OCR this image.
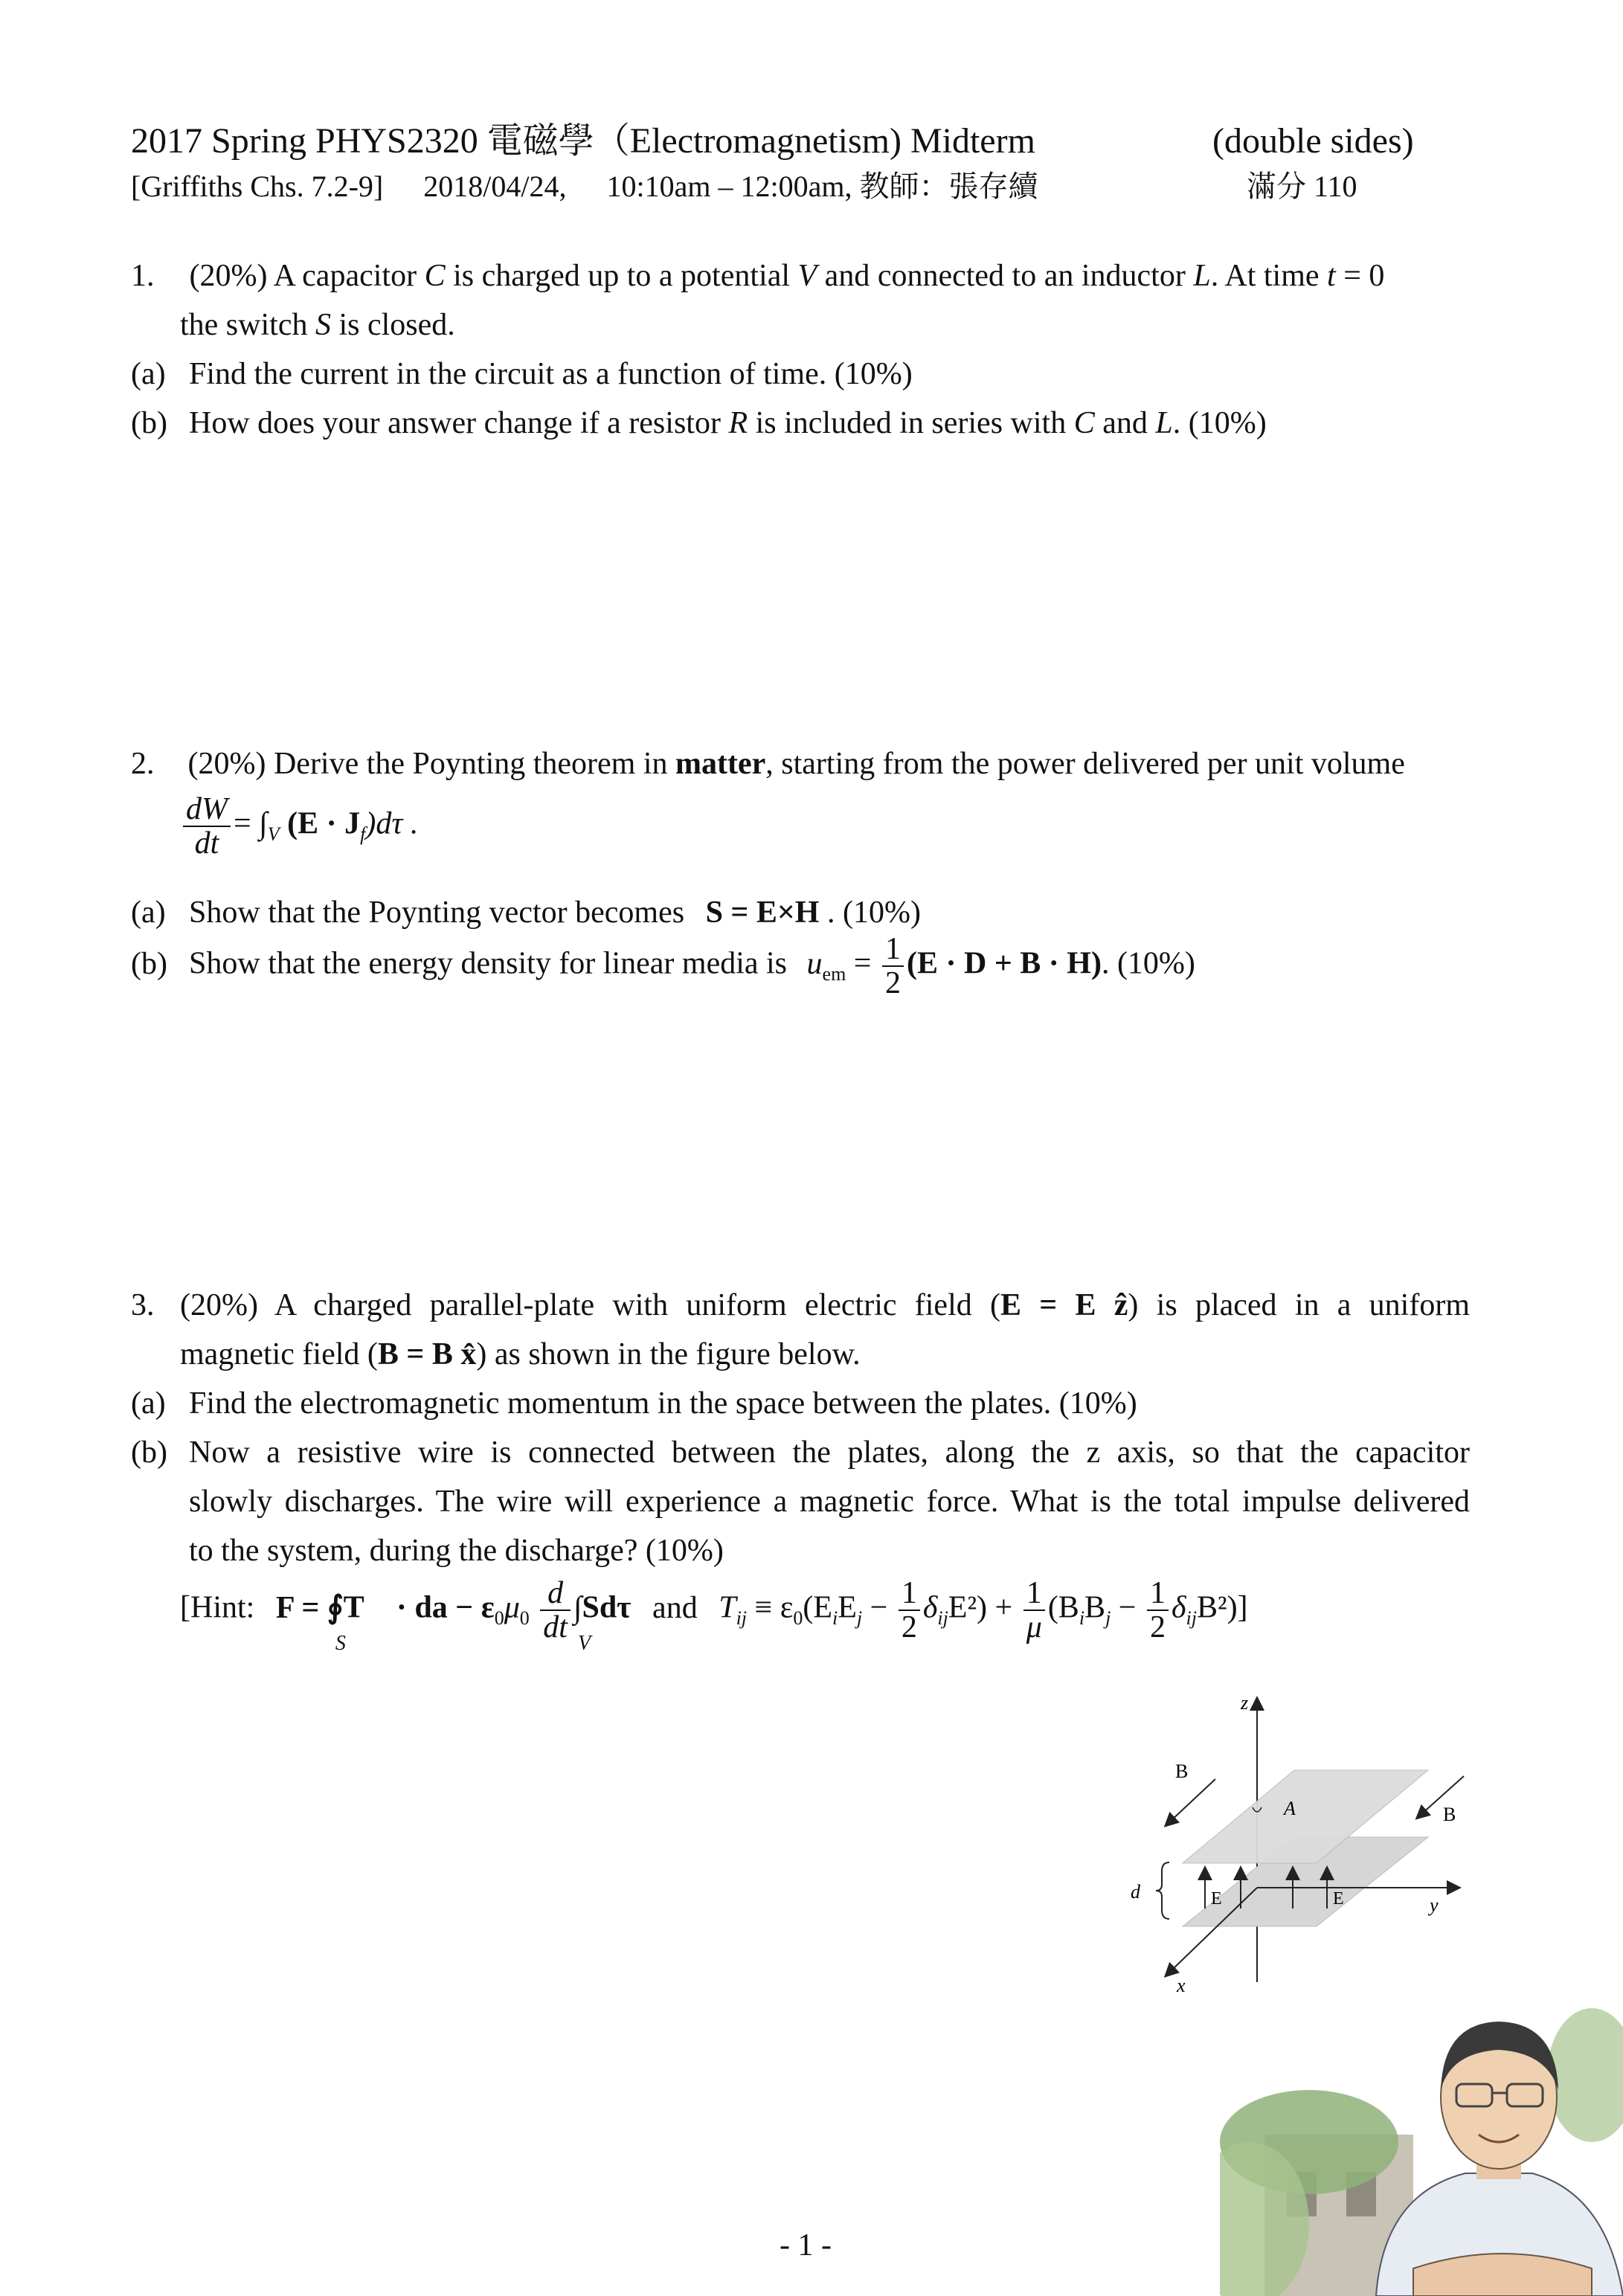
2017 Spring PHYS2320 電磁學（Electromagnetism) Midterm	(double sides)
[Griffiths Chs. 7.2-9] 2018/04/24, 10:10am – 12:00am, 教師：張存續	滿分 110
1. (20%) A capacitor C is charged up to a potential V and connected to an inductor L. At time t = 0
the switch S is closed.
(a) Find the current in the circuit as a function of time. (10%)
(b) How does your answer change if a resistor R is included in series with C and L. (10%)
2. (20%) Derive the Poynting theorem in matter, starting from the power delivered per unit volume
$\frac{dW}{dt} = \int_V$ $(E \cdot J_f)d\tau$ .
(a) Show that the Poynting vector becomes S = E×H . (10%)
(b) Show that the energy density for linear media is $u_{em} = \frac{1}{2} (E \cdot D + B \cdot H)$. (10%)
3. (20%) A charged parallel-plate with uniform electric field (E = E ẑ) is placed in a uniform
magnetic field (B = B x̂) as shown in the figure below.
(a) Find the electromagnetic momentum in the space between the plates. (10%)
(b) Now a resistive wire is connected between the plates, along the z axis, so that the capacitor
slowly discharges. The wire will experience a magnetic force. What is the total impulse delivered
to the system, during the discharge? (10%)
[Hint: F = ∮
S
T⃡ · da − $\varepsilon_0\mu_0 \frac{d}{dt}$ ∫
V
Sdτ and $T_{ij} \equiv \varepsilon_0(E_iE_j - \frac{1}{2} \delta_{ij}E^2) + \frac{1}{\mu} (B_iB_j - \frac{1}{2} \delta_{ij}B^2)$]
z
y
x
B
B
A
E	E
d
- 1 -
